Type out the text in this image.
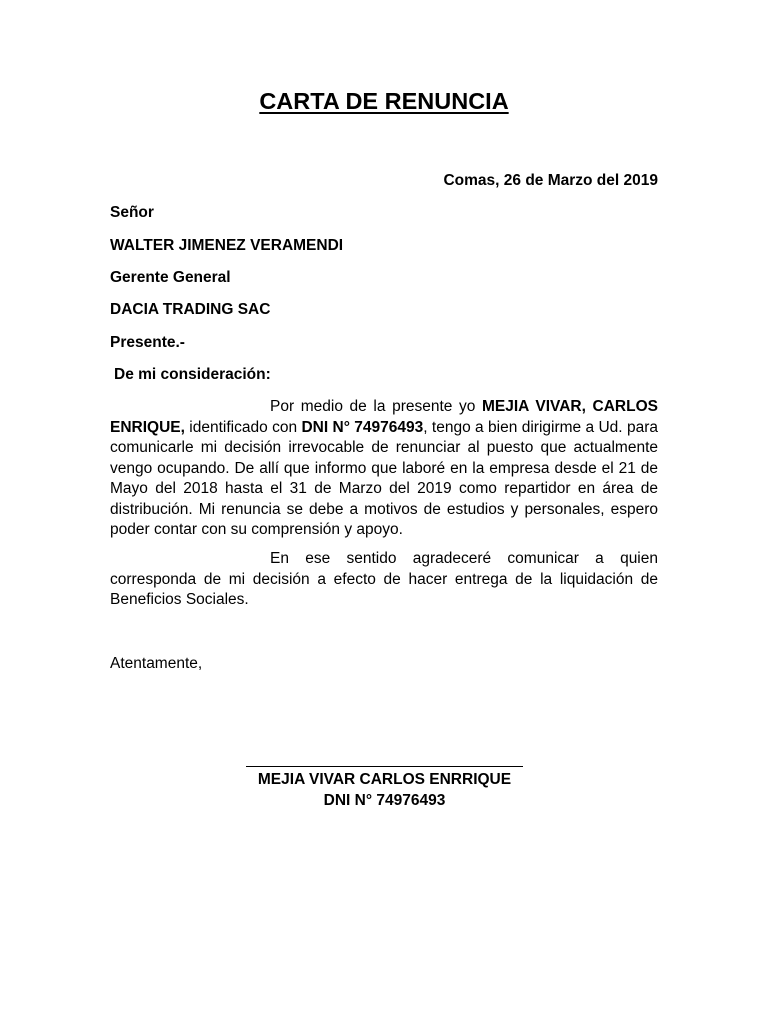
CARTA DE RENUNCIA
Comas, 26 de Marzo del 2019
Señor
WALTER JIMENEZ VERAMENDI
Gerente General
DACIA TRADING SAC
Presente.-
De mi consideración:

Por medio de la presente yo MEJIA VIVAR, CARLOS ENRIQUE, identificado con DNI N° 74976493, tengo a bien dirigirme a Ud. para comunicarle mi decisión irrevocable de renunciar al puesto que actualmente vengo ocupando. De allí que informo que laboré en la empresa desde el 21 de Mayo del 2018 hasta el 31 de Marzo del 2019 como repartidor en área de distribución. Mi renuncia se debe a motivos de estudios y personales, espero poder contar con su comprensión y apoyo.

En ese sentido agradeceré comunicar a quien corresponda de mi decisión a efecto de hacer entrega de la liquidación de Beneficios Sociales.

Atentamente,
MEJIA VIVAR CARLOS ENRRIQUE
DNI N° 74976493
